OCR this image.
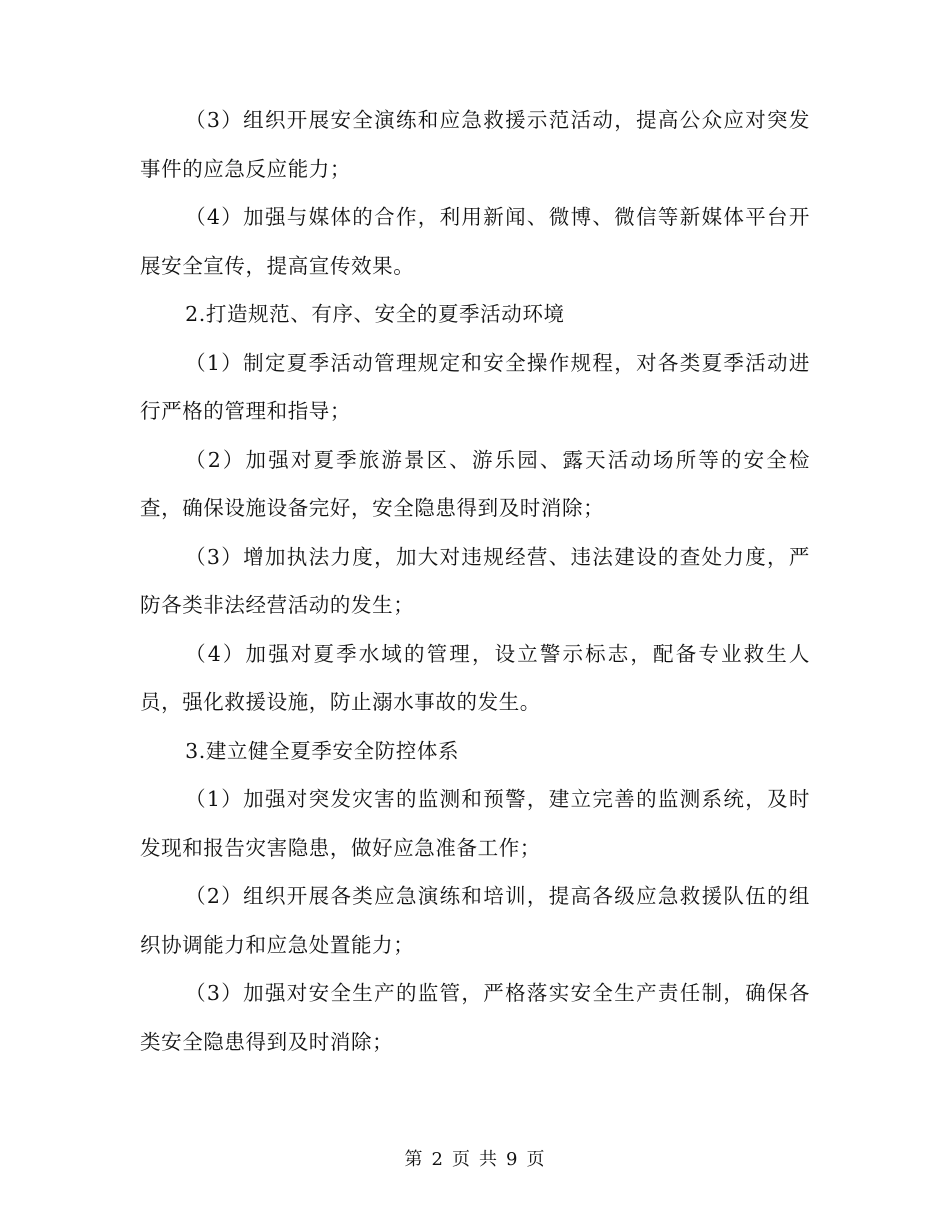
（3）组织开展安全演练和应急救援示范活动，提高公众应对突发事件的应急反应能力；

（4）加强与媒体的合作，利用新闻、微博、微信等新媒体平台开展安全宣传，提高宣传效果。

2.打造规范、有序、安全的夏季活动环境

（1）制定夏季活动管理规定和安全操作规程，对各类夏季活动进行严格的管理和指导；

（2）加强对夏季旅游景区、游乐园、露天活动场所等的安全检查，确保设施设备完好，安全隐患得到及时消除；

（3）增加执法力度，加大对违规经营、违法建设的查处力度，严防各类非法经营活动的发生；

（4）加强对夏季水域的管理，设立警示标志，配备专业救生人员，强化救援设施，防止溺水事故的发生。

3.建立健全夏季安全防控体系

（1）加强对突发灾害的监测和预警，建立完善的监测系统，及时发现和报告灾害隐患，做好应急准备工作；

（2）组织开展各类应急演练和培训，提高各级应急救援队伍的组织协调能力和应急处置能力；

（3）加强对安全生产的监管，严格落实安全生产责任制，确保各类安全隐患得到及时消除；

第 2 页 共 9 页
